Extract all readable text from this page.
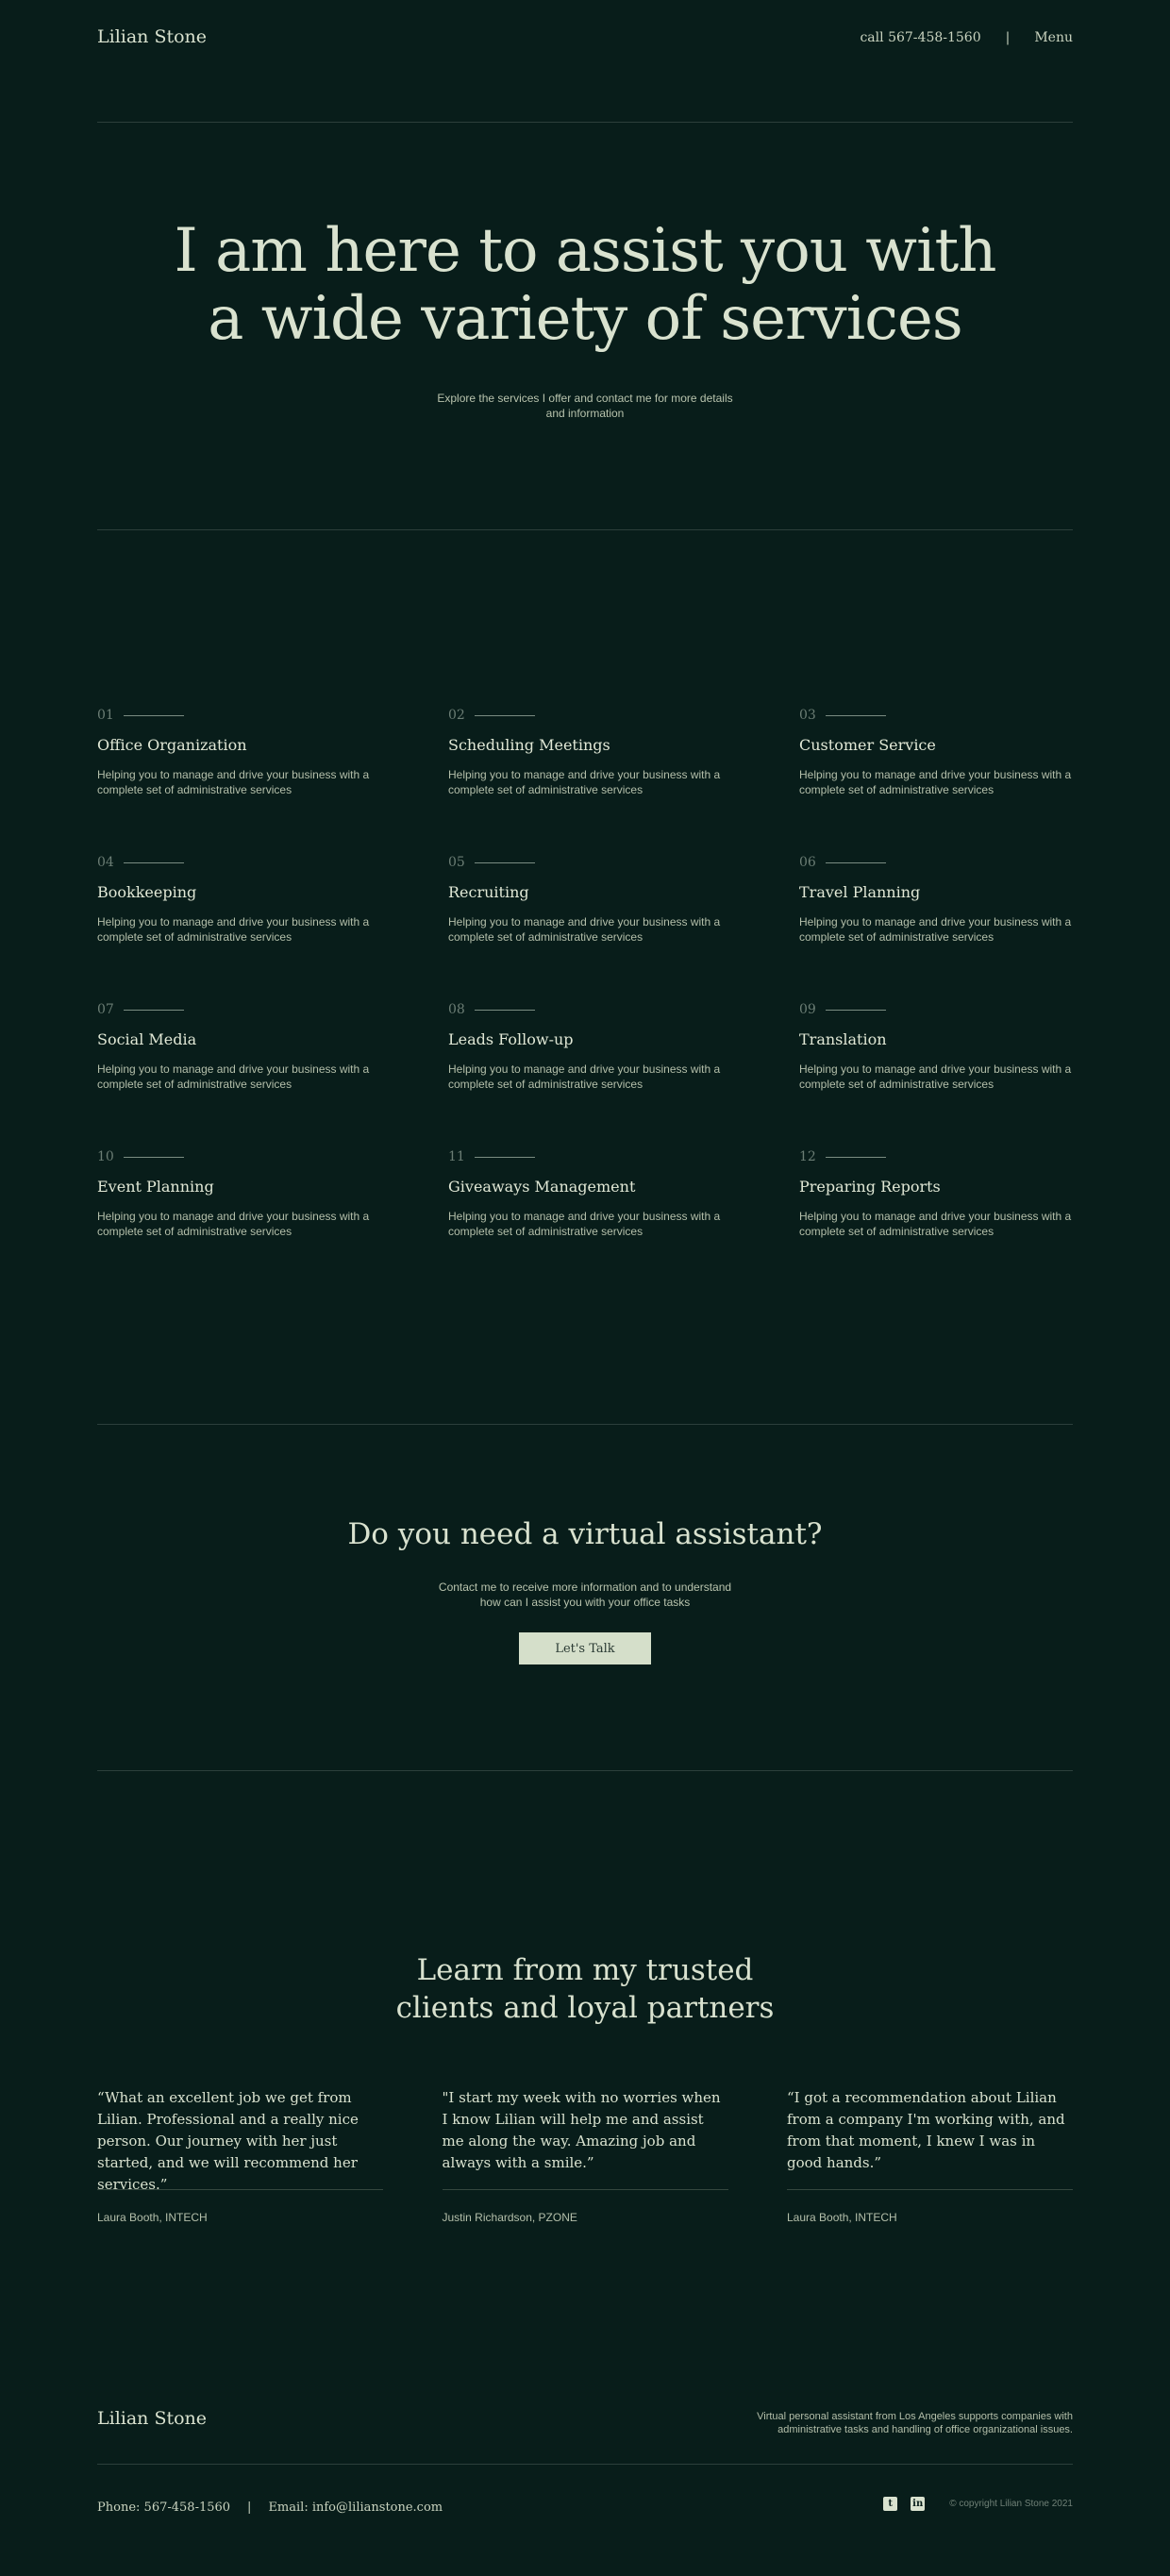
Lilian Stone	call 567-458-1560 | Menu
I am here to assist you with
a wide variety of services

Explore the services I offer and contact me for more details and information

01
Office Organization
Helping you to manage and drive your business with a complete set of administrative services
02
Scheduling Meetings
Helping you to manage and drive your business with a complete set of administrative services
03
Customer Service
Helping you to manage and drive your business with a complete set of administrative services
04
Bookkeeping
Helping you to manage and drive your business with a complete set of administrative services
05
Recruiting
Helping you to manage and drive your business with a complete set of administrative services
06
Travel Planning
Helping you to manage and drive your business with a complete set of administrative services
07
Social Media
Helping you to manage and drive your business with a complete set of administrative services
08
Leads Follow-up
Helping you to manage and drive your business with a complete set of administrative services
09
Translation
Helping you to manage and drive your business with a complete set of administrative services
10
Event Planning
Helping you to manage and drive your business with a complete set of administrative services
11
Giveaways Management
Helping you to manage and drive your business with a complete set of administrative services
12
Preparing Reports
Helping you to manage and drive your business with a complete set of administrative services
Do you need a virtual assistant?

Contact me to receive more information and to understand how can I assist you with your office tasks

Let's Talk
Learn from my trusted
clients and loyal partners
“What an excellent job we get from Lilian. Professional and a really nice person. Our journey with her just started, and we will recommend her services.”
Laura Booth, INTECH
"I start my week with no worries when I know Lilian will help me and assist me along the way. Amazing job and always with a smile.”
Justin Richardson, PZONE
“I got a recommendation about Lilian from a company I'm working with, and from that moment, I knew I was in good hands.”
Laura Booth, INTECH
Lilian Stone	Virtual personal assistant from Los Angeles supports companies with administrative tasks and handling of office organizational issues.
Phone: 567-458-1560 | Email: info@lilianstone.com	t	in	© copyright Lilian Stone 2021
